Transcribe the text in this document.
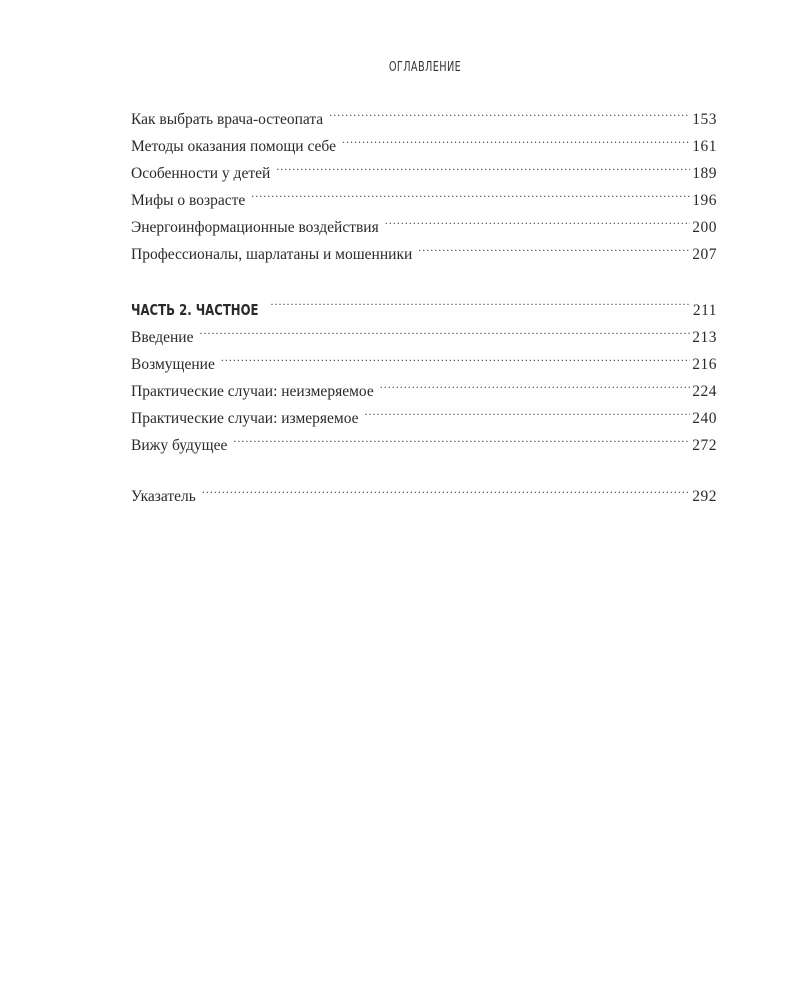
ОГЛАВЛЕНИЕ
Как выбрать врача-остеопата .....	153
Методы оказания помощи себе .....	161
Особенности у детей .....	189
Мифы о возрасте .....	196
Энергоинформационные воздействия .....	200
Профессионалы, шарлатаны и мошенники .....	207
ЧАСТЬ 2. ЧАСТНОЕ .....	211
Введение .....	213
Возмущение .....	216
Практические случаи: неизмеряемое .....	224
Практические случаи: измеряемое .....	240
Вижу будущее .....	272
Указатель .....	292
